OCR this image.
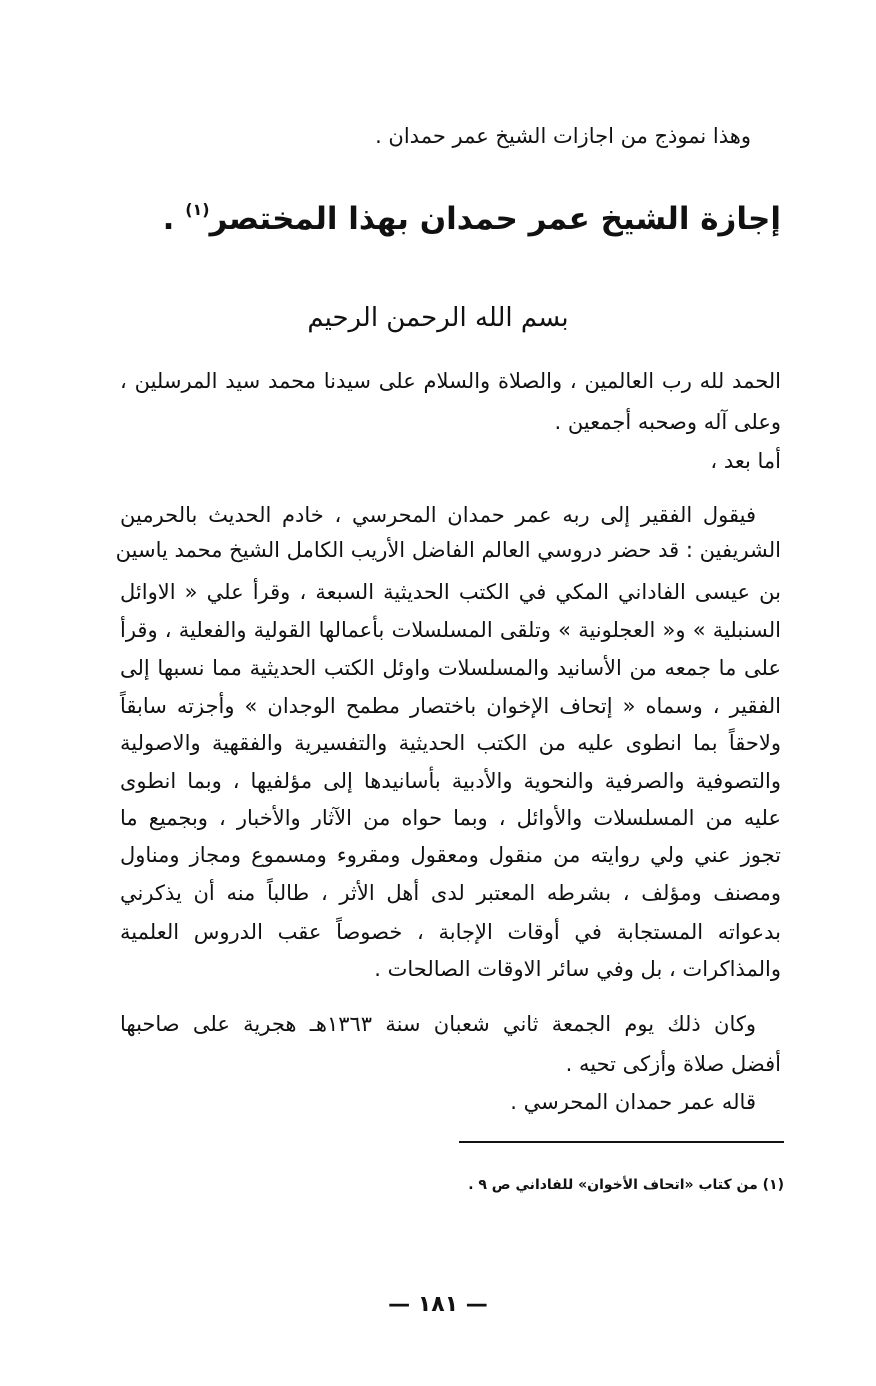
وهذا نموذج من اجازات الشيخ عمر حمدان .
إجازة الشيخ عمر حمدان بهذا المختصر$^{(١)}$ .
بسم الله الرحمن الرحيم
الحمد لله رب العالمين ، والصلاة والسلام على سيدنا محمد سيد المرسلين ،
وعلى آله وصحبه أجمعين .
أما بعد ،
فيقول الفقير إلى ربه عمر حمدان المحرسي ، خادم الحديث بالحرمين
الشريفين : قد حضر دروسي العالم الفاضل الأريب الكامل الشيخ محمد ياسين
بن عيسى الفاداني المكي في الكتب الحديثية السبعة ، وقرأ علي « الاوائل
السنبلية » و« العجلونية » وتلقى المسلسلات بأعمالها القولية والفعلية ، وقرأ
على ما جمعه من الأسانيد والمسلسلات واوئل الكتب الحديثية مما نسبها إلى
الفقير ، وسماه « إتحاف الإخوان باختصار مطمح الوجدان » وأجزته سابقاً
ولاحقاً بما انطوى عليه من الكتب الحديثية والتفسيرية والفقهية والاصولية
والتصوفية والصرفية والنحوية والأدبية بأسانيدها إلى مؤلفيها ، وبما انطوى
عليه من المسلسلات والأوائل ، وبما حواه من الآثار والأخبار ، وبجميع ما
تجوز عني ولي روايته من منقول ومعقول ومقروء ومسموع ومجاز ومناول
ومصنف ومؤلف ، بشرطه المعتبر لدى أهل الأثر ، طالباً منه أن يذكرني
بدعواته المستجابة في أوقات الإجابة ، خصوصاً عقب الدروس العلمية
والمذاكرات ، بل وفي سائر الاوقات الصالحات .
وكان ذلك يوم الجمعة ثاني شعبان سنة ١٣٦٣هـ هجرية على صاحبها
أفضل صلاة وأزكى تحيه .
قاله عمر حمدان المحرسي .
(١) من كتاب «اتحاف الأخوان» للفاداني ص ٩ .
— ١٨١ —
